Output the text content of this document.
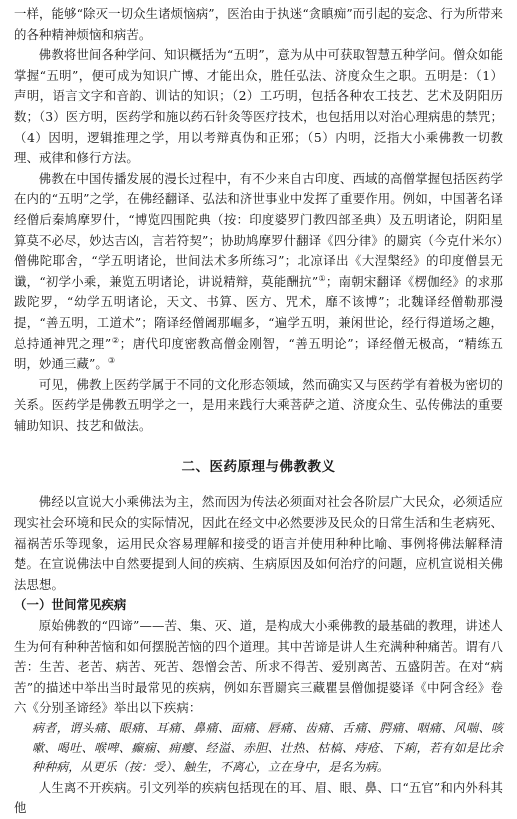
一样，能够“除灭一切众生诸烦恼病”，医治由于执迷“贪瞋痴”而引起的妄念、行为所带来的各种精神烦恼和病苦。

佛教将世间各种学问、知识概括为“五明”，意为从中可获取智慧五种学问。僧众如能掌握“五明”，便可成为知识广博、才能出众，胜任弘法、济度众生之职。五明是：（1）声明，语言文字和音韵、训诂的知识；（2）工巧明，包括各种农工技艺、艺术及阴阳历数；（3）医方明，医药学和施以药石针灸等医疗技术，也包括用以对治心理病患的禁咒；（4）因明，逻辑推理之学，用以考辩真伪和正邪；（5）内明，泛指大小乘佛教一切教理、戒律和修行方法。

佛教在中国传播发展的漫长过程中，有不少来自古印度、西域的高僧掌握包括医药学在内的“五明”之学，在佛经翻译、弘法和济世事业中发挥了重要作用。例如，中国著名译经僧后秦鸠摩罗什，“博览四围陀典（按：印度婆罗门教四部圣典）及五明诸论，阴阳星算莫不必尽，妙达吉凶，言若符契”；协助鸠摩罗什翻译《四分律》的罽宾（今克什米尔）僧佛陀耶舍，“学五明诸论，世间法术多所练习”；北凉译出《大涅槃经》的印度僧昙无谶，“初学小乘，兼览五明诸论，讲说精辩，莫能酬抗”①；南朝宋翻译《楞伽经》的求那跋陀罗，“幼学五明诸论，天文、书算、医方、咒术，靡不该博”；北魏译经僧勒那漫提，“善五明，工道术”；隋译经僧阇那崛多，“遍学五明，兼闲世论，经行得道场之趣，总持通神咒之理”②；唐代印度密教高僧金刚智，“善五明论”；译经僧无极高，“精练五明，妙通三藏”。③

可见，佛教上医药学属于不同的文化形态领域，然而确实又与医药学有着极为密切的关系。医药学是佛教五明学之一，是用来践行大乘菩萨之道、济度众生、弘传佛法的重要辅助知识、技艺和做法。

二、医药原理与佛教教义

佛经以宣说大小乘佛法为主，然而因为传法必须面对社会各阶层广大民众，必须适应现实社会环境和民众的实际情况，因此在经文中必然要涉及民众的日常生活和生老病死、福祸苦乐等现象，运用民众容易理解和接受的语言并使用种种比喻、事例将佛法解释清楚。在宣说佛法中自然要提到人间的疾病、生病原因及如何治疗的问题，应机宣说相关佛法思想。

（一）世间常见疾病

原始佛教的“四谛”——苦、集、灭、道，是构成大小乘佛教的最基础的教理，讲述人生为何有种种苦恼和如何摆脱苦恼的四个道理。其中苦谛是讲人生充满种种痛苦。谓有八苦：生苦、老苦、病苦、死苦、怨憎会苦、所求不得苦、爱别离苦、五盛阴苦。在对“病苦”的描述中举出当时最常见的疾病，例如东晋罽宾三藏瞿昙僧伽提婆译《中阿含经》卷六《分别圣谛经》举出以下疾病：

病者，谓头痛、眼痛、耳痛、鼻痛、面痛、唇痛、齿痛、舌痛、腭痛、咽痛、风喘、咳嗽、喝吐、喉啤、癫痫、痈瘿、经溢、赤胆、壮热、枯槁、痔疮、下痢，若有如是比余种种病，从更乐（按：受）、触生，不离心，立在身中，是名为病。

人生离不开疾病。引文列举的疾病包括现在的耳、眉、眼、鼻、口“五官”和内外科其他
